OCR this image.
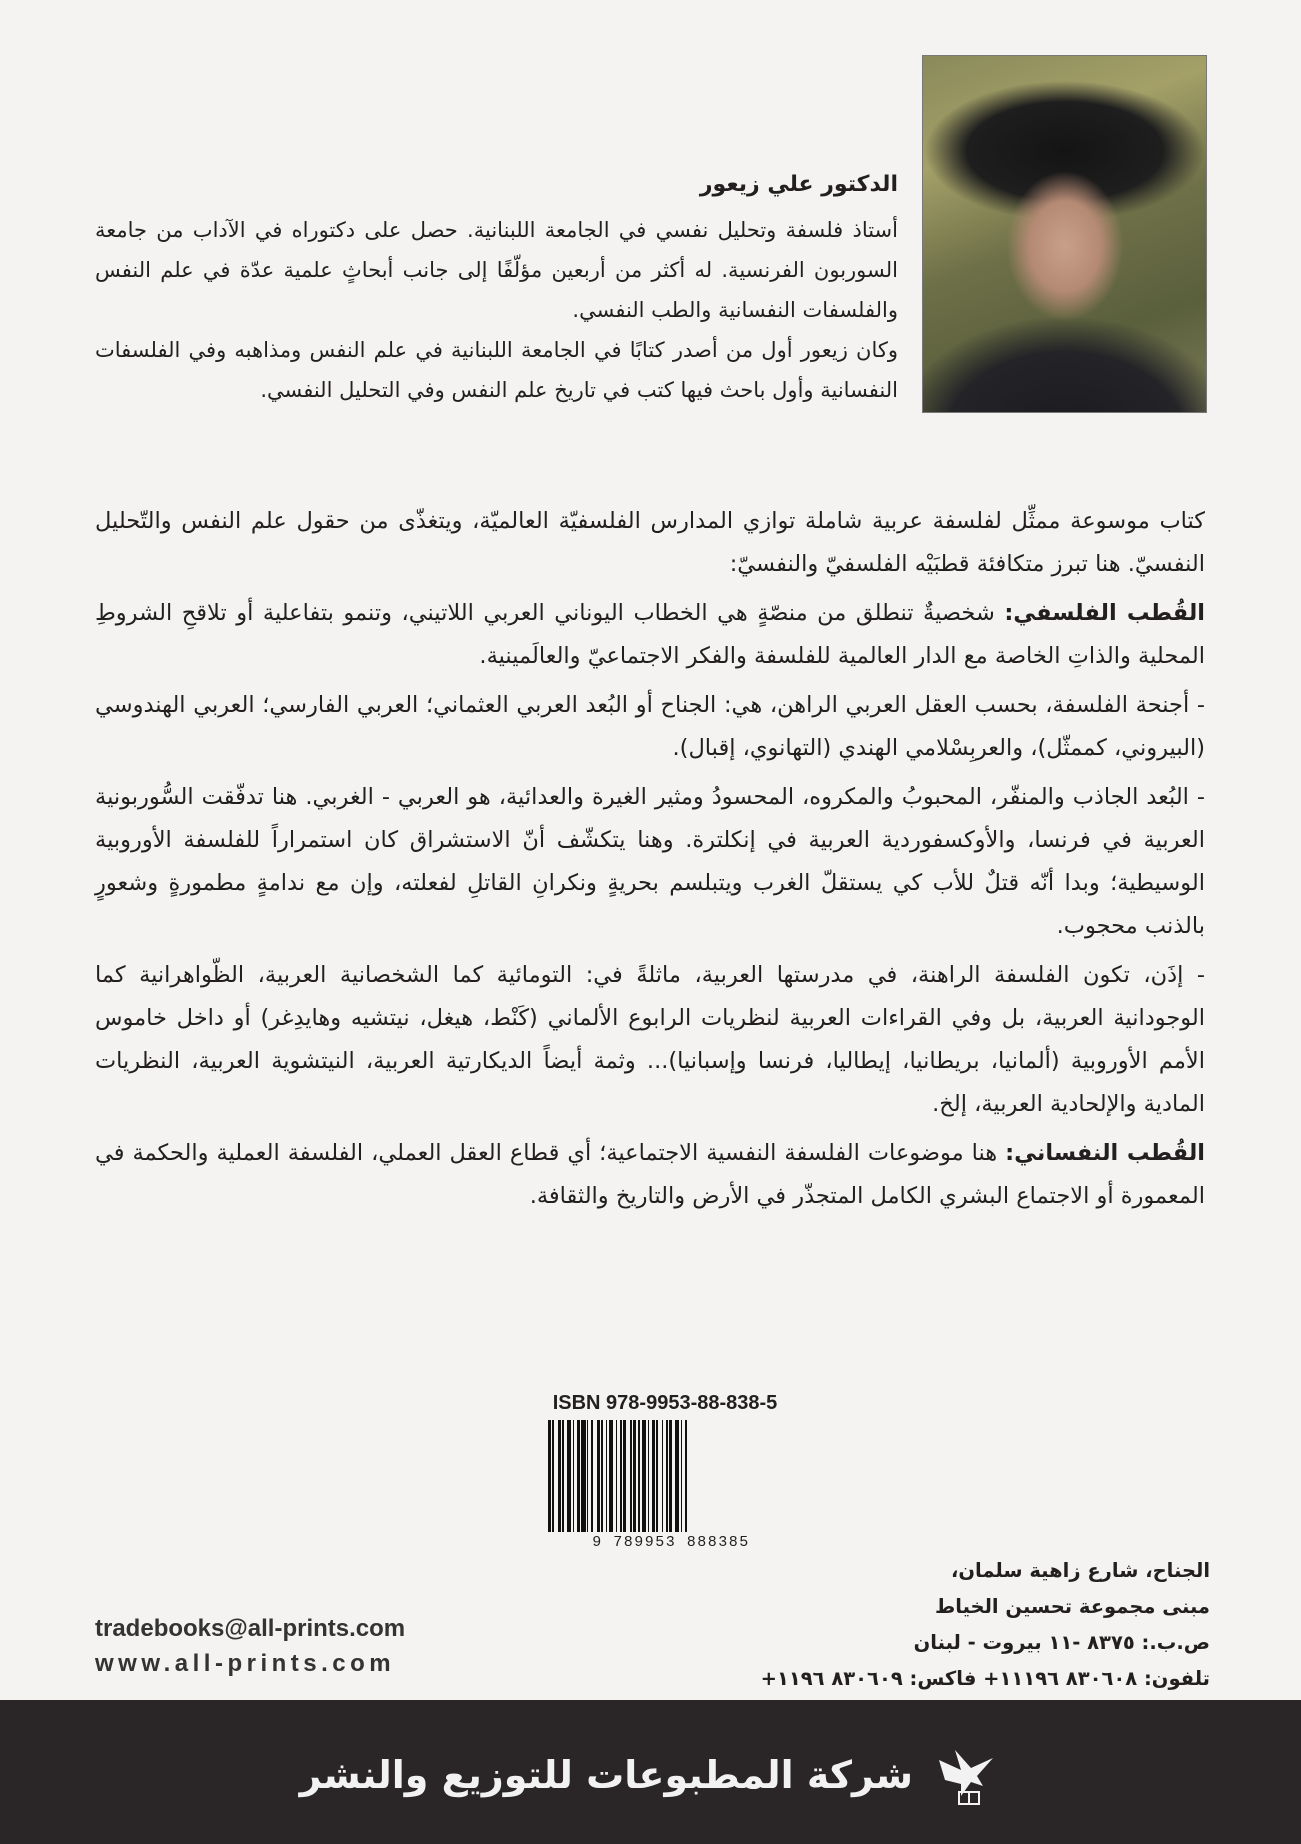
الدكتور علي زيعور

أستاذ فلسفة وتحليل نفسي في الجامعة اللبنانية. حصل على دكتوراه في الآداب من جامعة السوربون الفرنسية. له أكثر من أربعين مؤلّفًا إلى جانب أبحاثٍ علمية عدّة في علم النفس والفلسفات النفسانية والطب النفسي.

وكان زيعور أول من أصدر كتابًا في الجامعة اللبنانية في علم النفس ومذاهبه وفي الفلسفات النفسانية وأول باحث فيها كتب في تاريخ علم النفس وفي التحليل النفسي.

كتاب موسوعة ممثِّل لفلسفة عربية شاملة توازي المدارس الفلسفيّة العالميّة، ويتغذّى من حقول علم النفس والتّحليل النفسيّ. هنا تبرز متكافئة قطبَيْه الفلسفيّ والنفسيّ:

القُطب الفلسفي: شخصيةٌ تنطلق من منصّةٍ هي الخطاب اليوناني العربي اللاتيني، وتنمو بتفاعلية أو تلاقحِ الشروطِ المحلية والذاتِ الخاصة مع الدار العالمية للفلسفة والفكر الاجتماعيّ والعالَمينية.

- أجنحة الفلسفة، بحسب العقل العربي الراهن، هي: الجناح أو البُعد العربي العثماني؛ العربي الفارسي؛ العربي الهندوسي (البيروني، كممثّل)، والعربِسْلامي الهندي (التهانوي، إقبال).

- البُعد الجاذب والمنفّر، المحبوبُ والمكروه، المحسودُ ومثير الغيرة والعدائية، هو العربي - الغربي. هنا تدفّقت السُّوربونية العربية في فرنسا، والأوكسفوردية العربية في إنكلترة. وهنا يتكشّف أنّ الاستشراق كان استمراراً للفلسفة الأوروبية الوسيطية؛ وبدا أنّه قتلٌ للأب كي يستقلّ الغرب ويتبلسم بحريةٍ ونكرانِ القاتلِ لفعلته، وإن مع ندامةٍ مطمورةٍ وشعورٍ بالذنب محجوب.

- إذَن، تكون الفلسفة الراهنة، في مدرستها العربية، ماثلةً في: التومائية كما الشخصانية العربية، الظّواهرانية كما الوجودانية العربية، بل وفي القراءات العربية لنظريات الرابوع الألماني (كَنْط، هيغل، نيتشيه وهايدِغر) أو داخل خاموس الأمم الأوروبية (ألمانيا، بريطانيا، إيطاليا، فرنسا وإسبانيا)... وثمة أيضاً الديكارتية العربية، النيتشوية العربية، النظريات المادية والإلحادية العربية، إلخ.

القُطب النفساني: هنا موضوعات الفلسفة النفسية الاجتماعية؛ أي قطاع العقل العملي، الفلسفة العملية والحكمة في المعمورة أو الاجتماع البشري الكامل المتجذّر في الأرض والتاريخ والثقافة.

ISBN 978-9953-88-838-5
9 789953 888385
الجناح، شارع زاهية سلمان،
مبنى مجموعة تحسين الخياط
ص.ب.: ٨٣٧٥ -١١ بيروت - لبنان
تلفون: ٨٣٠٦٠٨ ١١١٩٦+ فاكس: ٨٣٠٦٠٩ ١١٩٦+
tradebooks@all-prints.com
www.all-prints.com
شركة المطبوعات للتوزيع والنشر
